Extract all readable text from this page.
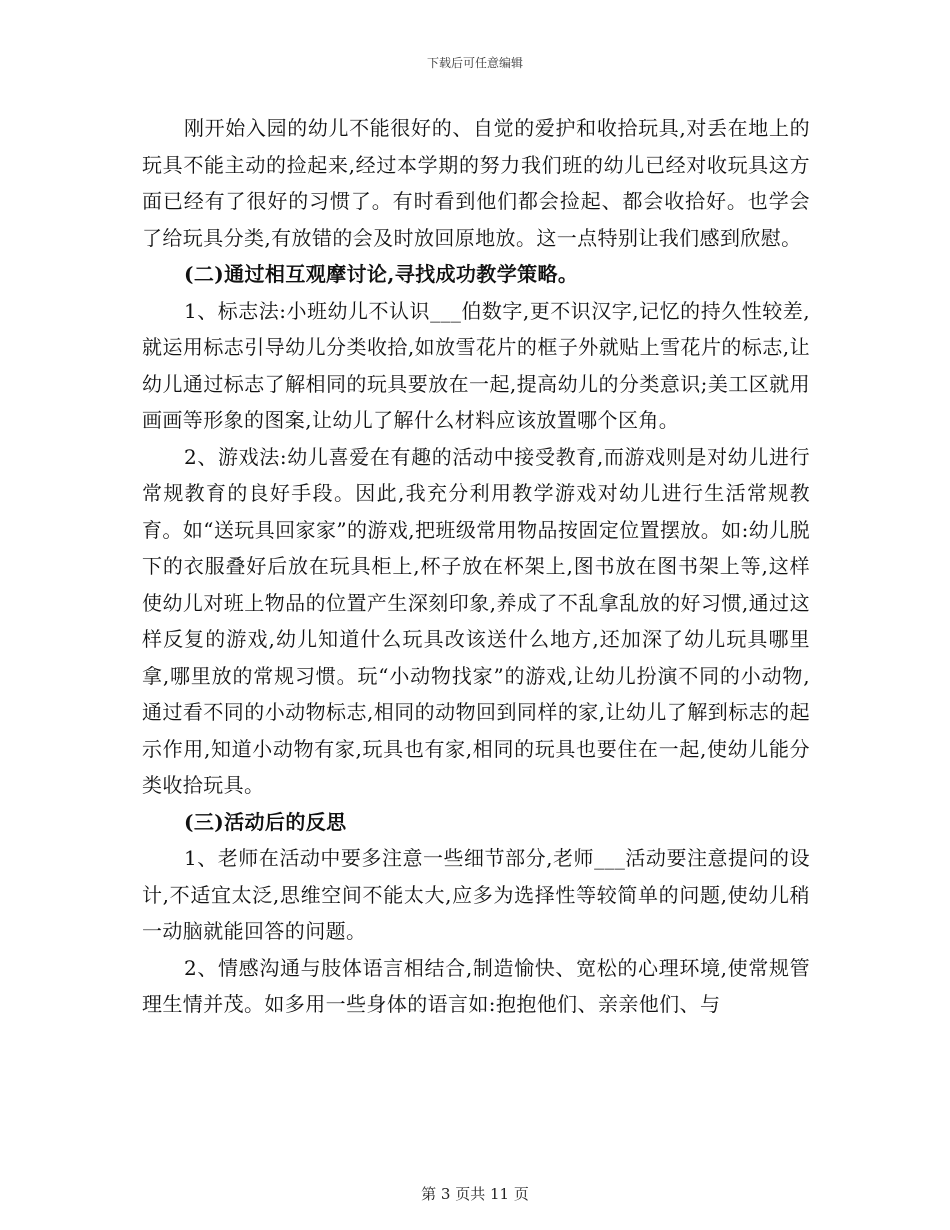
下载后可任意编辑

刚开始入园的幼儿不能很好的、自觉的爱护和收拾玩具,对丢在地上的玩具不能主动的捡起来,经过本学期的努力我们班的幼儿已经对收玩具这方面已经有了很好的习惯了。有时看到他们都会捡起、都会收拾好。也学会了给玩具分类,有放错的会及时放回原地放。这一点特别让我们感到欣慰。

(二)通过相互观摩讨论,寻找成功教学策略。

1、标志法:小班幼儿不认识___伯数字,更不识汉字,记忆的持久性较差,就运用标志引导幼儿分类收拾,如放雪花片的框子外就贴上雪花片的标志,让幼儿通过标志了解相同的玩具要放在一起,提高幼儿的分类意识;美工区就用画画等形象的图案,让幼儿了解什么材料应该放置哪个区角。

2、游戏法:幼儿喜爱在有趣的活动中接受教育,而游戏则是对幼儿进行常规教育的良好手段。因此,我充分利用教学游戏对幼儿进行生活常规教育。如“送玩具回家家”的游戏,把班级常用物品按固定位置摆放。如:幼儿脱下的衣服叠好后放在玩具柜上,杯子放在杯架上,图书放在图书架上等,这样使幼儿对班上物品的位置产生深刻印象,养成了不乱拿乱放的好习惯,通过这样反复的游戏,幼儿知道什么玩具改该送什么地方,还加深了幼儿玩具哪里拿,哪里放的常规习惯。玩“小动物找家”的游戏,让幼儿扮演不同的小动物,通过看不同的小动物标志,相同的动物回到同样的家,让幼儿了解到标志的起示作用,知道小动物有家,玩具也有家,相同的玩具也要住在一起,使幼儿能分类收拾玩具。

(三)活动后的反思

1、老师在活动中要多注意一些细节部分,老师___活动要注意提问的设计,不适宜太泛,思维空间不能太大,应多为选择性等较简单的问题,使幼儿稍一动脑就能回答的问题。

2、情感沟通与肢体语言相结合,制造愉快、宽松的心理环境,使常规管理生情并茂。如多用一些身体的语言如:抱抱他们、亲亲他们、与

第 3 页共 11 页
